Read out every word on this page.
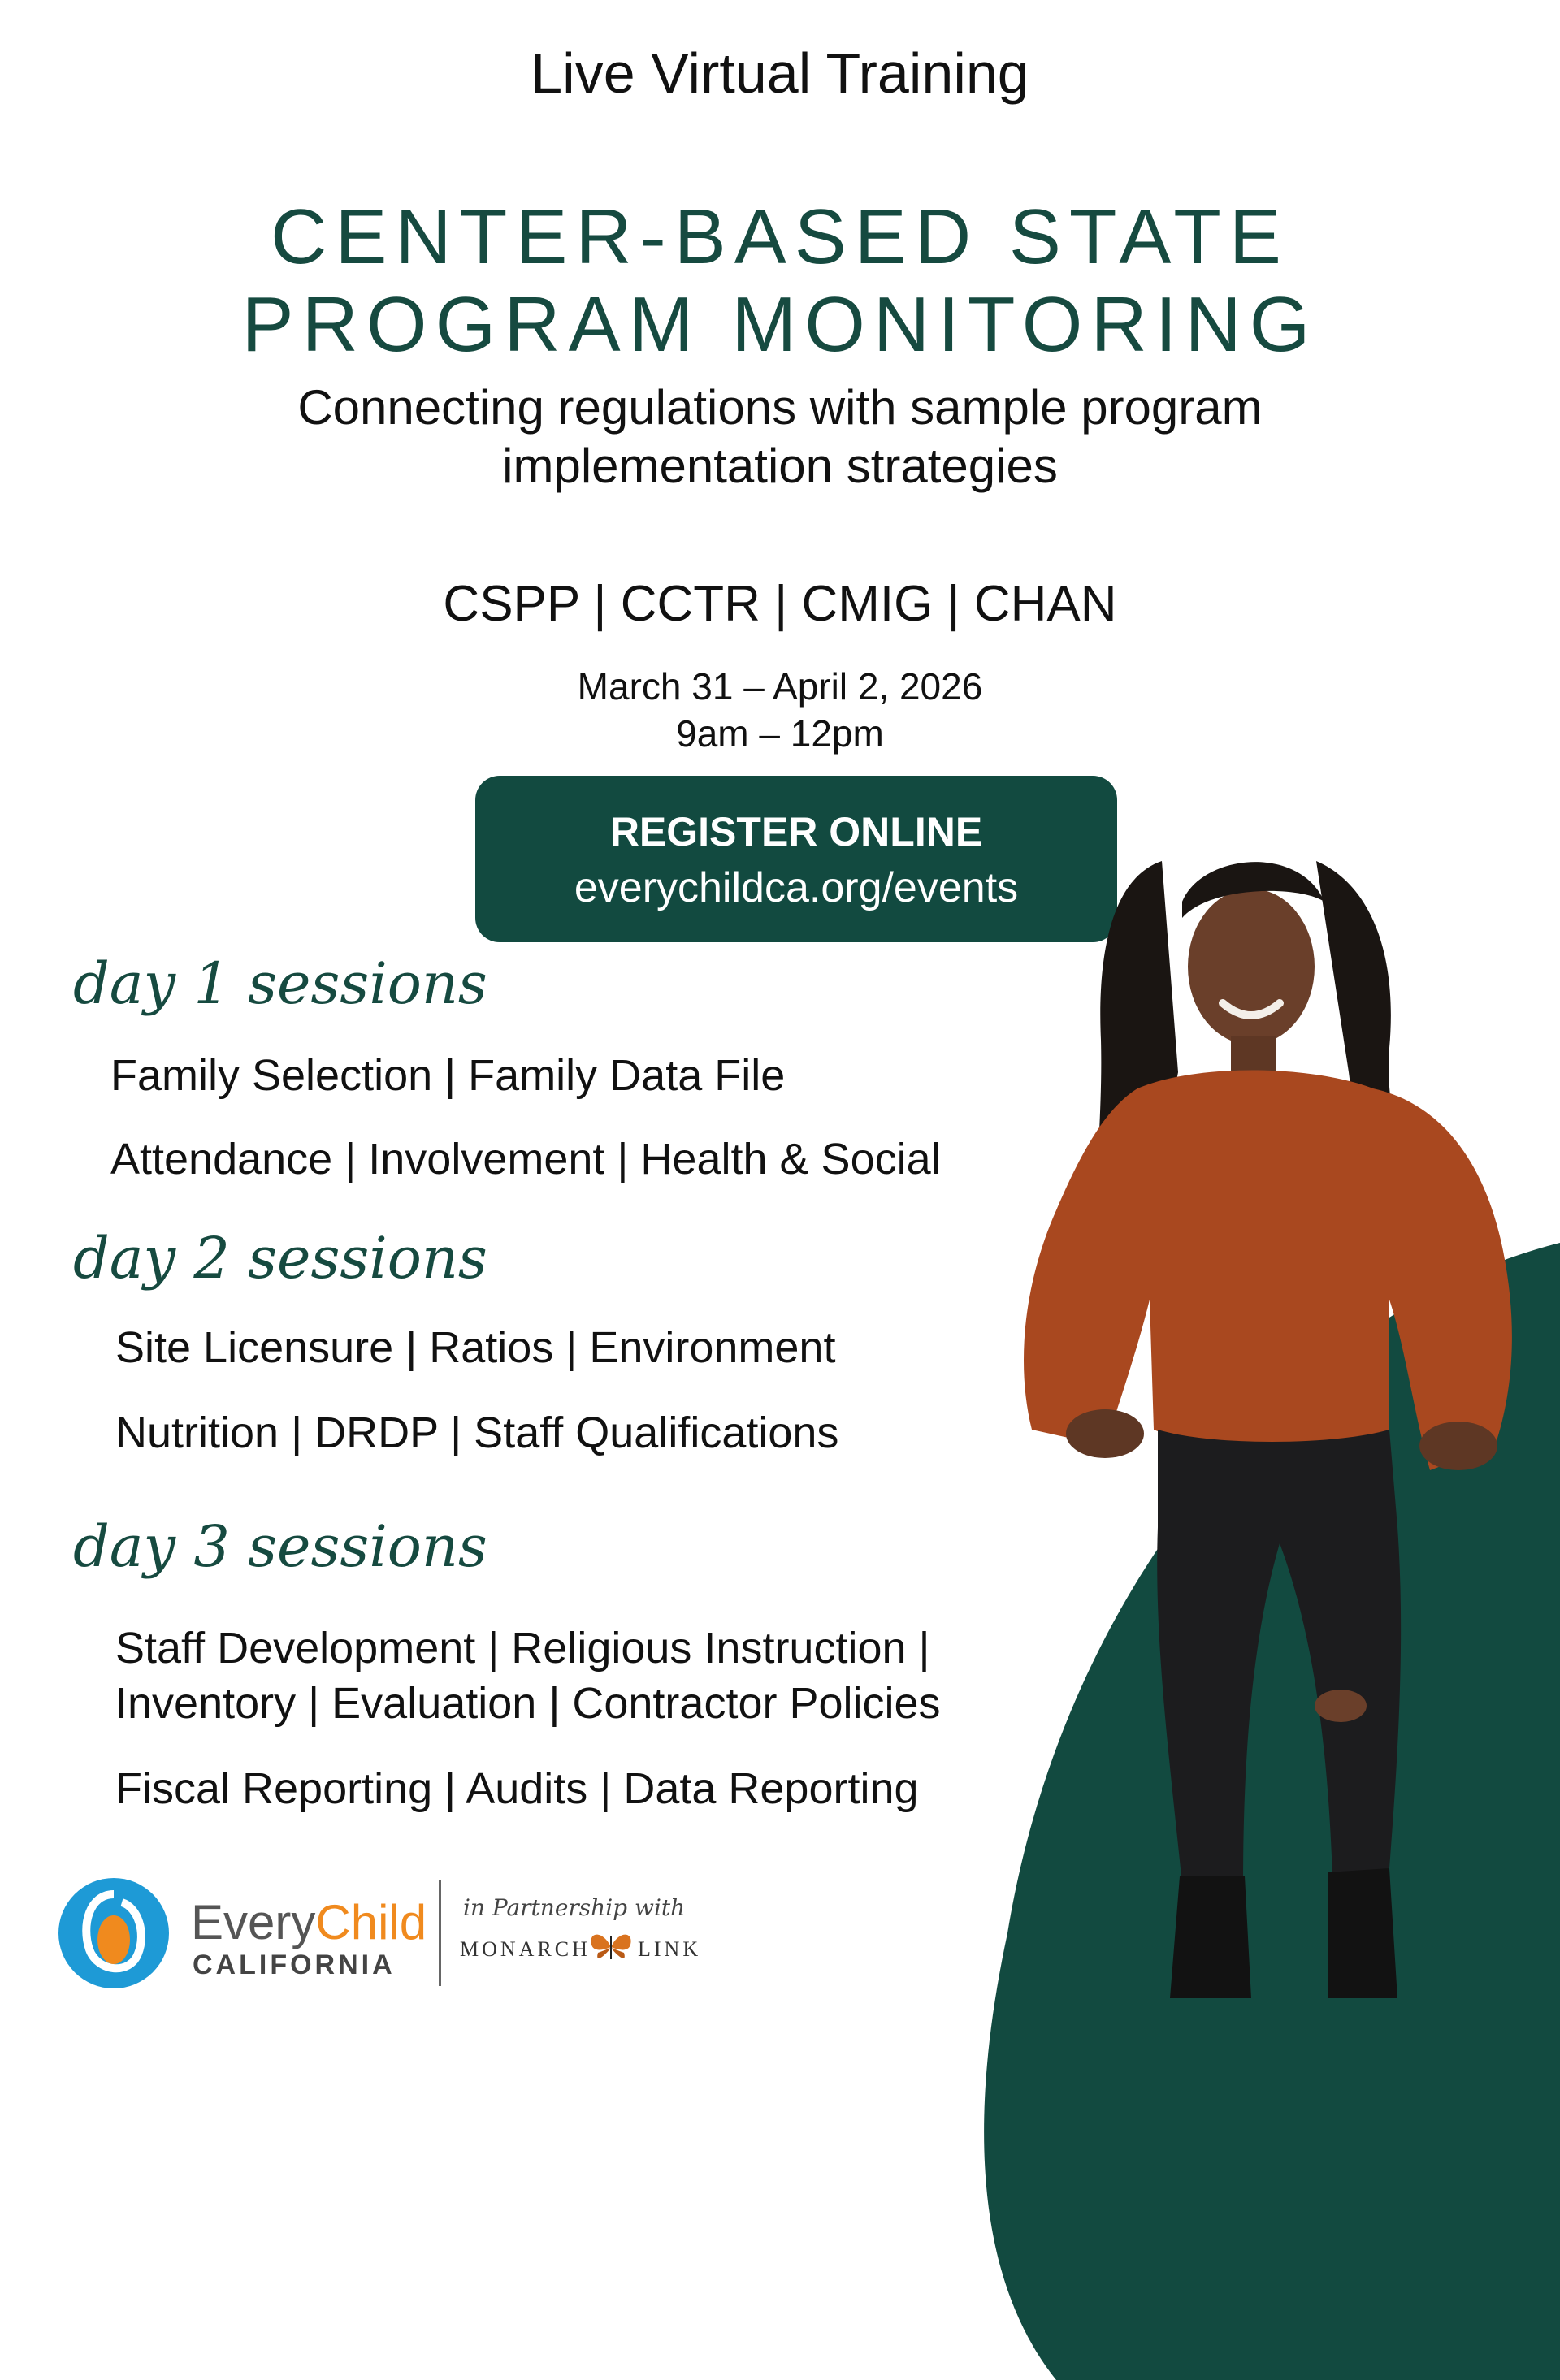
Live Virtual Training
CENTER-BASED STATE
PROGRAM MONITORING
Connecting regulations with sample program
implementation strategies
CSPP | CCTR | CMIG | CHAN
March 31 – April 2, 2026
9am – 12pm
REGISTER ONLINE
everychildca.org/events
day 1 sessions
Family Selection | Family Data File
Attendance | Involvement | Health & Social
day 2 sessions
Site Licensure | Ratios | Environment
Nutrition | DRDP | Staff Qualifications
day 3 sessions
Staff Development | Religious Instruction |
Inventory | Evaluation | Contractor Policies
Fiscal Reporting | Audits | Data Reporting
EveryChild
CALIFORNIA
in Partnership with
MONARCH LINK
